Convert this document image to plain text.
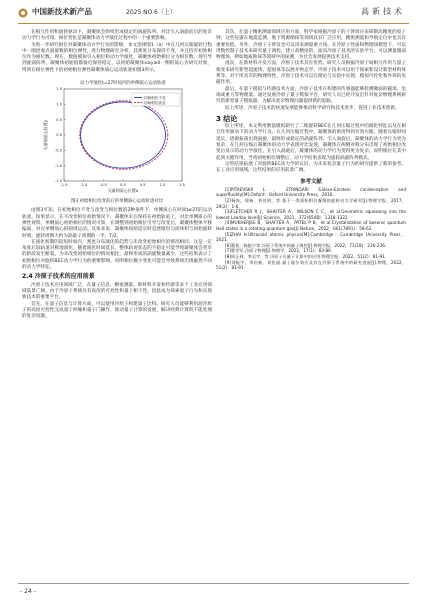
中国新技术新产品	2025 NO.6（上）	高新技术

在相互作用和旋转驱动下，凝聚体会组织形成稳定的涡旋阵列。对比引入涡旋前后的复杂动力学行为可知，相位变化是凝聚体动力学演化过程中的一个重要影响。

为进一步研究相位对凝聚体动力学行为的影响，本文选择图1（a）中在几何压缩旋转过程中一圈逆观点涡旋数的相位弹性，进行物理研究分析，其密度分布保持不变，并且持有初始相位作为相位数。现在，数值模拟引入相位和动力学演化，凝聚体初始相位分为相位数，现引导到旋涡阵列，凝聚体初始值都接近保持稳定，以初始凝聚体x≥y≥0一侧的质心为研究对象，得到在相位弹性下的初始相位弹性凝聚体质心运动轨迹如图3所示。

动力学演化t=27时间内的单侧质心运动轨迹
-1.5	-1.0	-0.5	0.0	0.5	1.0	1.5
1.5
1.0
0.5
0.0
-0.5
-1.0
-1.5
无量纲质心位置x
无量纲质心位置y
初始相位不变
初始相位改变
图3 初始相位改变前后的单侧质心运动轨迹对比

由图3可知，在初始相位不变与改变与相位数的2种条件下，单侧质心在时间t≤27的运动轨迹。结果显示，在不改变相位初始情况下，凝聚体未在保持在初始轨道上，对比单侧质心的弹性观察，单侧质心初始相位的情况可知，在调整到初始相位引导与改变后，凝聚体整体平移偏离，对应单侧质心的圆周运动。具体来说，凝聚体按照适应时是逐渐均匀而体积与初始旋转时刻，旋转周期大约为涡量子周期的一半，T/2。

在演化初期的较短时间内，密度分布演化的趋势与未改变初始相位的情况相同。这是一定角度后较轨道对称地演化，随着演化时间延长，整体轨迹状态的不稳定可能导致凝聚体会更早的阶段发生断裂。为未改变初始相位的情况相比，最终形成的涡旋数量减少，这些结果表示了初始相位对旋转BEC动力学行为的重要影响，说明相位微小变化可能会导致系统出现截然不同的动力学特征。

2.4 冷原子技术的应用前景

冷原子技术应用领域广泛，在量子信息、精密测量、新材料开发和传感等多个工业应用领域前景广阔。由于冷原子系统具有高度的可控性和量子相干性，因此成为探索量子行为和实现新技术的重要平台。

首先，在量子信息与计算方面，可以使用冷原子构建量子比特。研究人员能够利用超冷原子的高度可控性完成量子纠缠和量子门操作，推动量子计算的发展，解决经典计算机不能处理的复杂问题。

其次，在量子精密测量领域应用方面，科学家根据冷原子的干涉效应来研制高精度的原子钟，这些仪器在地震监测、地下资源勘探等领域具有广泛应用，精密测量和导航定位中也具有重要价值。另外，冷原子干涉仪也可以用来测量重力场。在冷原子性质和物理场模型下，可以用数控制子技术来研究量子调控，建立高精度的、面向冷原子技术的实验平台，可以测量微弱物理场，例如地质勘探等领域中的探测，为社会发展提供技术支持。

再次，在新材料开发方面，冷原子技术具有优势。研究人员根据冷原子间相互作用与量子相变来研究新型超流体、超固体等以展开物态学，冷原子技术可以用于探索和设计新型材料体系等。对于所具有的物理特性，冷原子技术可以在理论与实验中实现，模拟可控化和外场的电磁作用。

最后，在量子模拟与传感技术方面，冷原子技术在构建的传感器能够检测微弱的磁场、电场或重力等物理量。通过发展冷原子量子模拟平台，研究人员已经开发出针对复杂物理系统研究的新型量子模拟器，为解决复杂物理问题提供新的思路。

综上所述，冷原子技术的快速发展能够推动科学研究和技术进步，促进工业技术创新。

3 结论

综上所述，本文利用数值模拟研究了二维旋转BEC在几何压缩过程中的演化特征以及在相互作用驱动下的动力学行为。在几何压缩过程中，凝聚体的密度得到有效压缩，随着压缩时间延长，逐渐振荡出现涡旋，最终形成稳定的涡旋阵列。引入涡旋后，凝聚体的动力学行为更为复杂，在几何压缩后凝聚体的动力学表现对比发现，凝聚体在两侧对称分布出现了初始相位改变后显示的动力学演化，在引入涡旋后，凝聚体的动力学行为变得更为复杂，说明相位在其中起到关键作用。当将初始相位调整后，动力学结果表现为旋转涡旋阵列模式。

这些结果拓展了对旋转BEC动力学的认识，为未来复杂量子行为的研究提供了新的参考。在工业应用领域，这些结果的应用前景广阔。

参考文献

[1]PITAEVSKII L，STRINGARI S.Bose-Einstein condensation and superfluidity[M].Oxford：Oxford University Press，2016.

[2]杨涛，郑杨，刘佳明，等.基于一类面积相位凝聚的旋转动力学研究[J].物理学报，2017，29(2)：1-6.

[3]FLETCHER R J，SHAFFER A，WILSON C C，et al.Geometric squeezing into the lowest Landau level[J].Science，2021，372(6548)：1318-1322.

[4]MUKHERJEE B，SHAFFER A，PATEL P B，et al.Crystallization of bosonic quantum Hall states in a rotating quantum gas[J].Nature，2022，601(7891)：58-62.

[5]ZHAI H.Ultracold atomic physics[M].Cambridge：Cambridge University Press，2021.

[6]董景，杨振宁等.冷原子系统中的量子调控[J].物理学报，2022，71(18)：230-236.

[7]曹世军.冷原子物理[J].物理学，2022，17(1)：83-86.

[8]周正林，李吴宇，等.冷原子在量子计算中的应用.物理学报，2022，51(2)：81-91.

[9]刘振宇，李启新，刘佳刚.量子霍尔效应及其在冷原子系统中的研究进展[J].物理，2022，51(2)：81-91.

- 24 -
